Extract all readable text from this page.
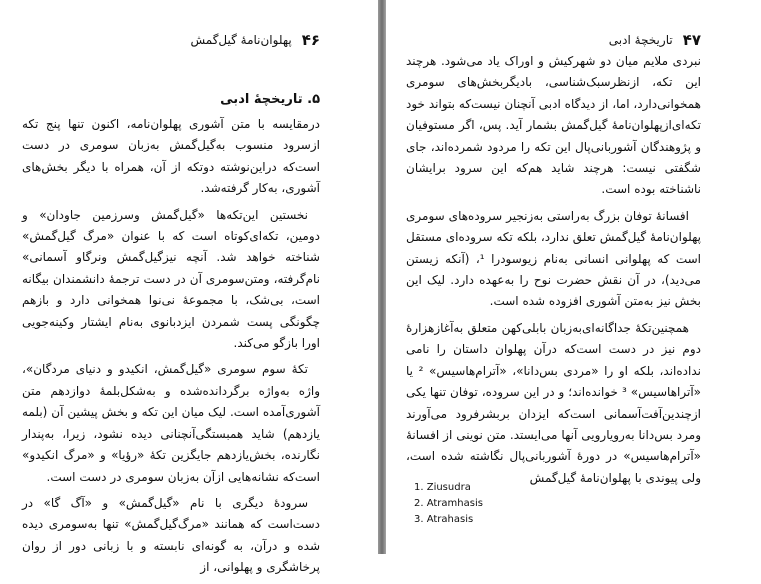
۴۶
پهلوان‌نامهٔ گیل‌گمش
۵. تاریخچهٔ ادبی

درمقایسه با متن آشوری پهلوان‌نامه، اکنون تنها پنج تکه ازسرود منسوب به‌گیل‌گمش به‌زبان سومری در دست است‌که دراین‌نوشته دوتکه از آن، همراه با دیگر بخش‌های آشوری، به‌کار گرفته‌شد.

نخستین این‌تکه‌ها «گیل‌گمش وسرزمین جاودان» و دومین، تکه‌ای‌کوتاه است که با عنوان «مرگ گیل‌گمش» شناخته خواهد شد. آنچه نیزگیل‌گمش ونرگاو آسمانی» نام‌گرفته، ومتن‌سومری آن در دست ترجمهٔ دانشمندان بیگانه است، بی‌شک، با مجموعهٔ نی‌نوا همخوانی دارد و بازهم چگونگی پست شمردن ایزدبانوی به‌نام ایشتار وکینه‌جویی اورا بازگو می‌کند.

تکهٔ سوم سومری «گیل‌گمش، انکیدو و دنیای مردگان»، واژه به‌واژه برگردانده‌شده و به‌شکل‌بلمهٔ دوازدهم متن آشوری‌آمده است. لیک میان این تکه و بخش پیشین آن (بلمه یازدهم) شاید همبستگی‌آنچنانی دیده نشود، زیرا، به‌پندار نگارنده، بخش‌یازدهم جایگزین تکهٔ «رؤیا» و «مرگ انکیدو» است‌که نشانه‌هایی ازآن به‌زبان سومری در دست است.

سرودهٔ دیگری با نام «گیل‌گمش» و «آگ گا» در دست‌است که همانند «مرگ‌گیل‌گمش» تنها به‌سومری دیده شده و درآن، به گونه‌ای نابسته و با زبانی دور از روان پرخاشگری و پهلوانی، از

۴۷
تاریخچهٔ ادبی

نبردی ملایم میان دو شهرکیش و اوراک یاد می‌شود. هرچند این تکه، ازنظرسبک‌شناسی، بادیگربخش‌های سومری همخوانی‌دارد، اما، از دیدگاه ادبی آنچنان نیست‌که بتواند خود تکه‌ای‌ازپهلوان‌نامهٔ گیل‌گمش بشمار آید. پس، اگر مستوفیان و پژوهندگان آشوربانی‌پال این تکه را مردود شمرده‌اند، جای شگفتی نیست: هرچند شاید هم‌که این سرود برایشان ناشناخته بوده است.

افسانهٔ توفان بزرگ به‌راستی به‌زنجیر سروده‌های سومری پهلوان‌نامهٔ گیل‌گمش تعلق ندارد، بلکه تکه سروده‌ای مستقل است که پهلوانی انسانی به‌نام زیوسودرا ¹، (آنکه زیستن می‌دید)، در آن نقش حضرت نوح را به‌عهده دارد. لیک این بخش نیز به‌متن آشوری افزوده شده است.

همچنین‌تکهٔ جداگانه‌ای‌به‌زبان بابلی‌کهن متعلق به‌آغازهزارهٔ دوم نیز در دست است‌که درآن پهلوان داستان را نامی نداده‌اند، بلکه او را «مردی بس‌دانا»، «آترام‌هاسیس» ² یا «آتراهاسیس» ³ خوانده‌اند؛ و در این سروده، توفان تنها یکی ازچندین‌آفت‌آسمانی است‌که ایزدان بربشرفرود می‌آورند ومرد بس‌دانا به‌رویارویی آنها می‌ایستد. متن نوینی از افسانهٔ «آترام‌هاسیس» در دورهٔ آشوربانی‌پال نگاشته شده است، ولی پیوندی با پهلوان‌نامهٔ گیل‌گمش

1. Ziusudra
2. Atramhasis
3. Atrahasis
